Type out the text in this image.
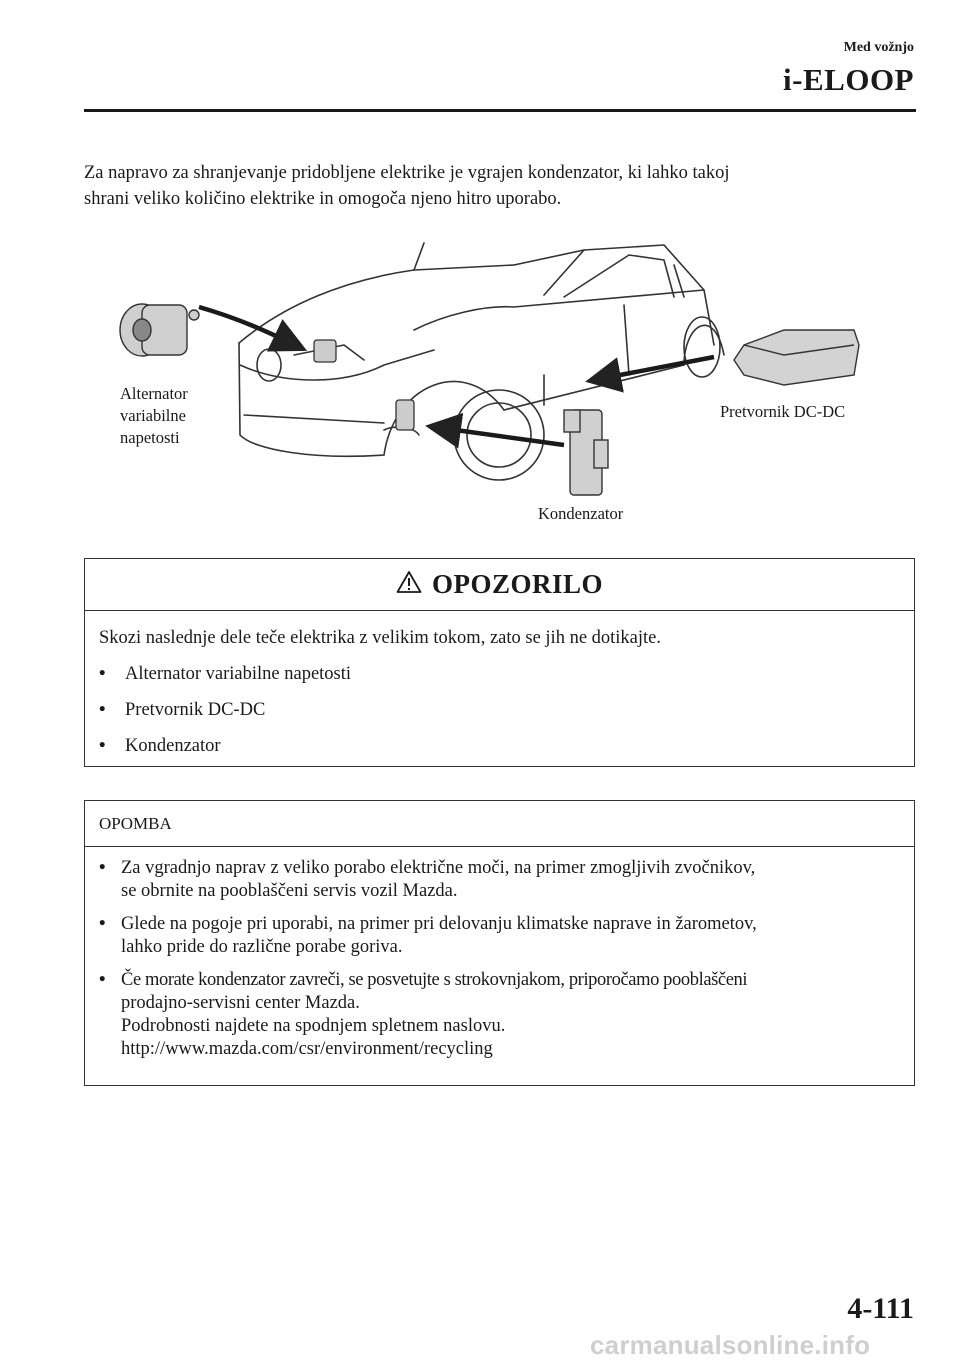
Med vožnjo
i-ELOOP

Za napravo za shranjevanje pridobljene elektrike je vgrajen kondenzator, ki lahko takoj

shrani veliko količino elektrike in omogoča njeno hitro uporabo.

Alternator
variabilne
napetosti
Pretvornik DC-DC
Kondenzator
OPOZORILO

Skozi naslednje dele teče elektrika z velikim tokom, zato se jih ne dotikajte.

•	Alternator variabilne napetosti
•	Pretvornik DC-DC
•	Kondenzator
OPOMBA
• Za vgradnjo naprav z veliko porabo električne moči, na primer zmogljivih zvočnikov,
se obrnite na pooblaščeni servis vozil Mazda.
• Glede na pogoje pri uporabi, na primer pri delovanju klimatske naprave in žarometov,
lahko pride do različne porabe goriva.
• Če morate kondenzator zavreči, se posvetujte s strokovnjakom, priporočamo pooblaščeni
prodajno-servisni center Mazda.
Podrobnosti najdete na spodnjem spletnem naslovu.
http://www.mazda.com/csr/environment/recycling
4-111
carmanualsonline.info
